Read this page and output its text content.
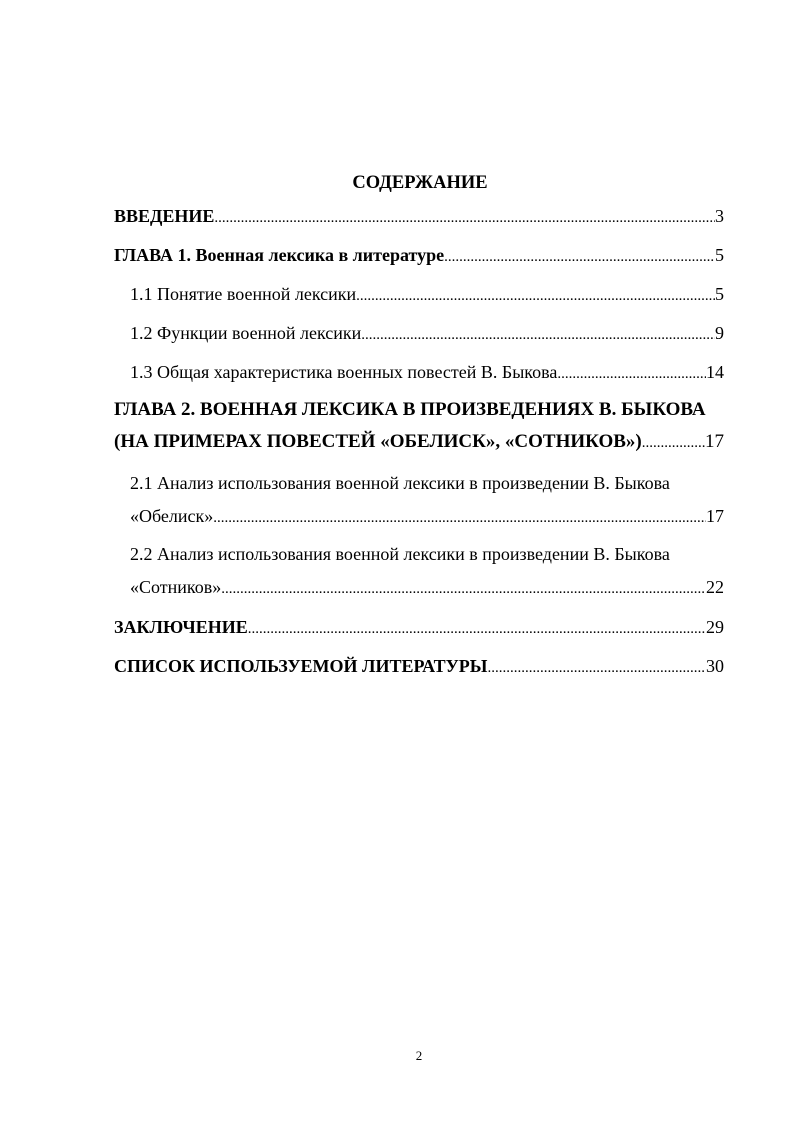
СОДЕРЖАНИЕ
ВВЕДЕНИЕ .....	3
ГЛАВА 1. Военная лексика в литературе .....	5
1.1 Понятие военной лексики .....	5
1.2 Функции военной лексики .....	9
1.3 Общая характеристика военных повестей В. Быкова .....	14
ГЛАВА 2. ВОЕННАЯ ЛЕКСИКА В ПРОИЗВЕДЕНИЯХ В. БЫКОВА
(НА ПРИМЕРАХ ПОВЕСТЕЙ «ОБЕЛИСК», «СОТНИКОВ») .....	17
2.1 Анализ использования военной лексики в произведении В. Быкова
«Обелиск» .....	17
2.2 Анализ использования военной лексики в произведении В. Быкова
«Сотников» .....	22
ЗАКЛЮЧЕНИЕ .....	29
СПИСОК ИСПОЛЬЗУЕМОЙ ЛИТЕРАТУРЫ .....	30
2
